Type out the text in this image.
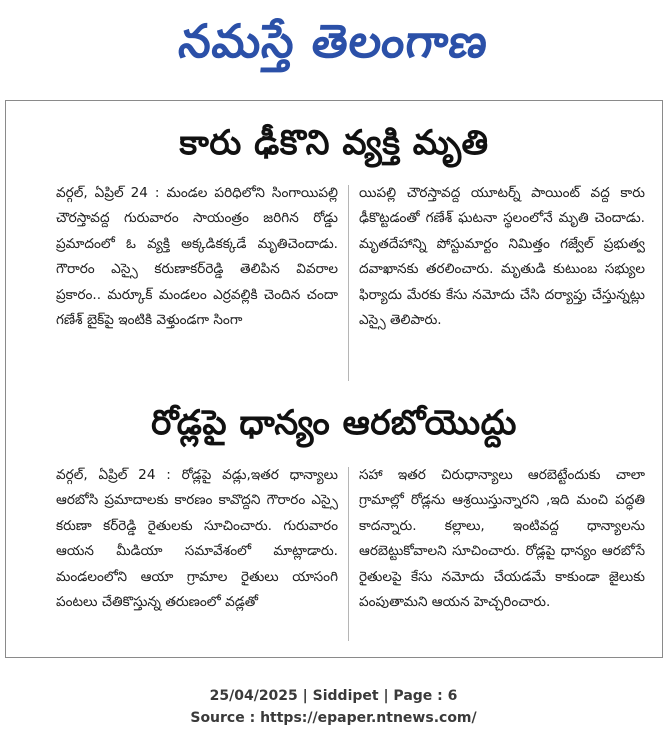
నమస్తే తెలంగాణ
కారు ఢీకొని వ్యక్తి మృతి
వర్గల్, ఏప్రిల్ 24 : మండల పరిధిలోని సింగాయిపల్లి చౌరస్తావద్ద గురువారం సాయంత్రం జరిగిన రోడ్డు ప్రమాదంలో ఓ వ్యక్తి అక్కడికక్కడే మృతిచెందాడు. గౌరారం ఎస్సై కరుణాకర్‌రెడ్డి తెలిపిన వివరాల ప్రకారం.. మర్కూక్ మండలం ఎర్రవల్లికి చెందిన చందా గణేశ్ బైక్‌పై ఇంటికి వెళ్తుండగా సింగా
యిపల్లి చౌరస్తావద్ద యూటర్న్ పాయింట్ వద్ద కారు ఢీకొట్టడంతో గణేశ్ ఘటనా స్థలంలోనే మృతి చెందాడు. మృతదేహాన్ని పోస్టుమార్టం నిమిత్తం గజ్వేల్ ప్రభుత్వ దవాఖానకు తరలించారు. మృతుడి కుటుంబ సభ్యుల ఫిర్యాదు మేరకు కేసు నమోదు చేసి దర్యాప్తు చేస్తున్నట్లు ఎస్సై తెలిపారు.
రోడ్లపై ధాన్యం ఆరబోయొద్దు
వర్గల్, ఏప్రిల్ 24 : రోడ్లపై వడ్లు,ఇతర ధాన్యాలు ఆరబోసి ప్రమాదాలకు కారణం కావొద్దని గౌరారం ఎస్సై కరుణా కర్‌రెడ్డి రైతులకు సూచించారు. గురువారం ఆయన మీడియా సమావేశంలో మాట్లాడారు. మండలంలోని ఆయా గ్రామాల రైతులు యాసంగి పంటలు చేతికొస్తున్న తరుణంలో వడ్లతో
సహా ఇతర చిరుధాన్యాలు ఆరబెట్టేందుకు చాలా గ్రామాల్లో రోడ్లను ఆశ్రయిస్తున్నారని ,ఇది మంచి పద్ధతి కాదన్నారు. కల్లాలు, ఇంటివద్ద ధాన్యాలను ఆరబెట్టుకోవాలని సూచించారు. రోడ్లపై ధాన్యం ఆరబోసే రైతులపై కేసు నమోదు చేయడమే కాకుండా జైలుకు పంపుతామని ఆయన హెచ్చరించారు.
25/04/2025 | Siddipet | Page : 6
Source : https://epaper.ntnews.com/
